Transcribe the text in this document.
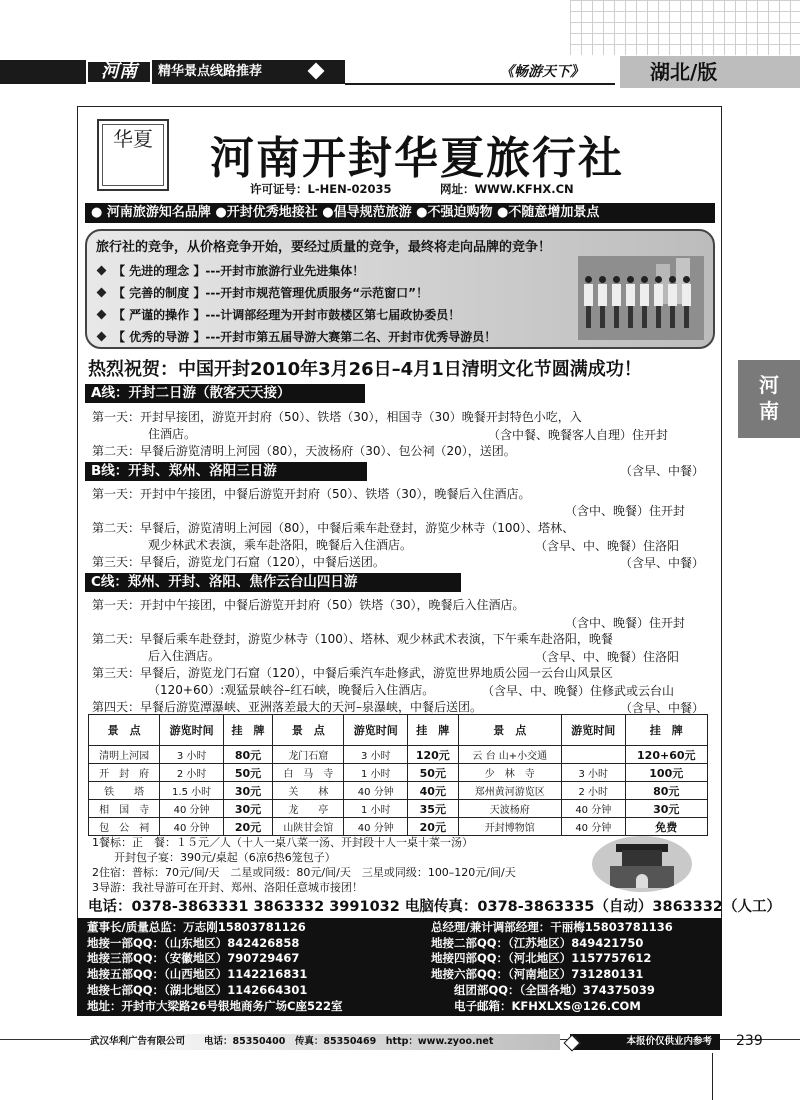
河南	精华景点线路推荐	《畅游天下》	湖北/版
河南
华夏 河南开封华夏旅行社
许可证号：L-HEN-02035	网址：WWW.KFHX.CN
● 河南旅游知名品牌 ●开封优秀地接社 ●倡导规范旅游 ●不强迫购物 ●不随意增加景点
旅行社的竞争，从价格竞争开始，要经过质量的竞争，最终将走向品牌的竞争！
【 先进的理念 】---开封市旅游行业先进集体！
【 完善的制度 】---开封市规范管理优质服务“示范窗口”！
【 严谨的操作 】---计调部经理为开封市鼓楼区第七届政协委员！
【 优秀的导游 】---开封市第五届导游大赛第二名、开封市优秀导游员！
热烈祝贺：中国开封2010年3月26日–4月1日清明文化节圆满成功！
A线：开封二日游（散客天天接）
第一天：开封早接团，游览开封府（50）、铁塔（30），相国寺（30）晚餐开封特色小吃，入
住酒店。	（含中餐、晚餐客人自理）住开封
第二天：早餐后游览清明上河园（80），天波杨府（30）、包公祠（20），送团。
B线：开封、郑州、洛阳三日游	（含早、中餐）
第一天：开封中午接团，中餐后游览开封府（50）、铁塔（30），晚餐后入住酒店。
（含中、晚餐）住开封
第二天：早餐后，游览清明上河园（80），中餐后乘车赴登封，游览少林寺（100）、塔林、
观少林武术表演，乘车赴洛阳，晚餐后入住酒店。	（含早、中、晚餐）住洛阳
第三天：早餐后，游览龙门石窟（120），中餐后送团。	（含早、中餐）
C线：郑州、开封、洛阳、焦作云台山四日游
第一天：开封中午接团，中餐后游览开封府（50）铁塔（30），晚餐后入住酒店。
（含中、晚餐）住开封
第二天：早餐后乘车赴登封，游览少林寺（100）、塔林、观少林武术表演，下午乘车赴洛阳，晚餐
后入住酒店。	（含早、中、晚餐）住洛阳
第三天：早餐后，游览龙门石窟（120），中餐后乘汽车赴修武，游览世界地质公园一云台山风景区
（120+60）:观猛景峡谷–红石峡，晚餐后入住酒店。	（含早、中、晚餐）住修武或云台山
第四天：早餐后游览潭瀑峡、亚洲落差最大的天河–泉瀑峡，中餐后送团。	（含早、中餐）
景　点	游览时间	挂　牌	景　点	游览时间	挂　牌	景　点	游览时间	挂　牌
清明上河园	3 小时	80元	龙门石窟	3 小时	120元	云 台 山+小交通		120+60元
开　封　府	2 小时	50元	白　马　寺	1 小时	50元	少　林　寺	3 小时	100元
铁　　塔	1.5 小时	30元	关　　林	40 分钟	40元	郑州黄河游览区	2 小时	80元
相　国　寺	40 分钟	30元	龙　　亭	1 小时	35元	天波杨府	40 分钟	30元
包　公　祠	40 分钟	20元	山陕甘会馆	40 分钟	20元	开封博物馆	40 分钟	免费
1餐标：正　餐：１５元／人（十人一桌八菜一汤、开封段十人一桌十菜一汤）
　　开封包子宴：390元/桌起（6凉6热6笼包子）
2住宿：普标：70元/间/天　二星或同级：80元/间/天　三星或同级：100–120元/间/天
3导游：我社导游可在开封、郑州、洛阳任意城市接团！
电话：0378-3863331 3863332 3991032 电脑传真：0378-3863335（自动）3863332（人工）
董事长/质量总监：万志刚15803781126
地接一部QQ：（山东地区）842426858
地接三部QQ：（安徽地区）790729467
地接五部QQ：（山西地区）1142216831
地接七部QQ：（湖北地区）1142664301
地址：开封市大梁路26号银地商务广场C座522室
总经理/兼计调部经理：干丽梅15803781136
地接二部QQ：（江苏地区）849421750
地接四部QQ：（河北地区）1157757612
地接六部QQ：（河南地区）731280131
　　组团部QQ：（全国各地）374375039
　　电子邮箱：KFHXLXS@126.COM
武汉华利广告有限公司　　电话：85350400　传真：85350469　http：www.zyoo.net	本报价仅供业内参考	239
